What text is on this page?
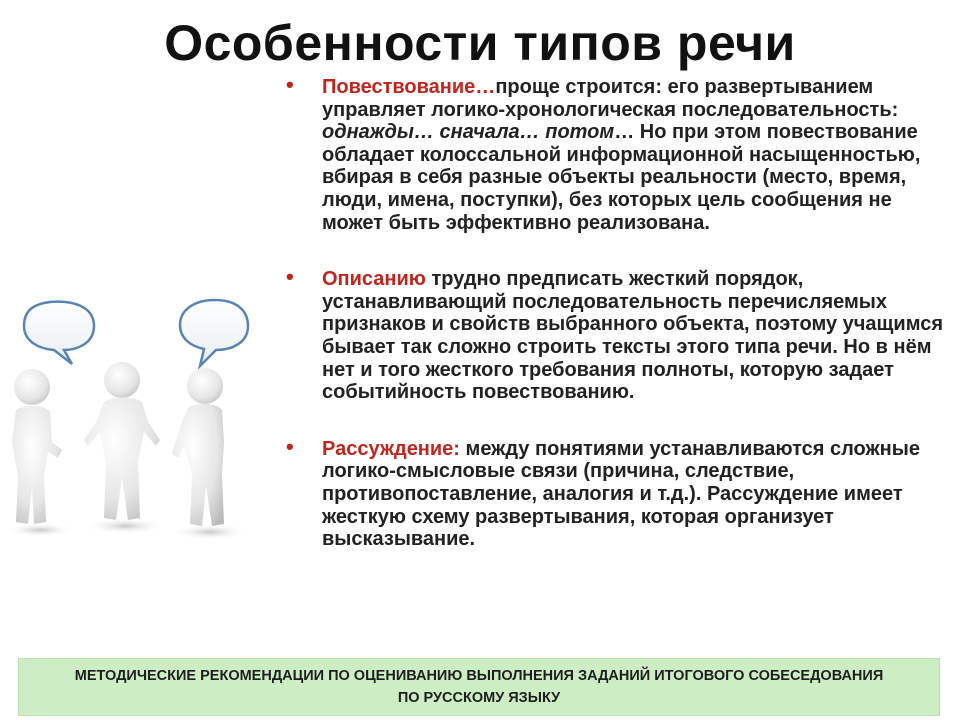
Особенности типов речи

• Повествование…проще строится: его развертыванием управляет логико-хронологическая последовательность: однажды… сначала… потом… Но при этом повествование обладает колоссальной информационной насыщенностью, вбирая в себя разные объекты реальности (место, время, люди, имена, поступки), без которых цель сообщения не может быть эффективно реализована.

• Описанию трудно предписать жесткий порядок, устанавливающий последовательность перечисляемых признаков и свойств выбранного объекта, поэтому учащимся бывает так сложно строить тексты этого типа речи. Но в нём нет и того жесткого требования полноты, которую задает событийность повествованию.

• Рассуждение: между понятиями устанавливаются сложные логико-смысловые связи (причина, следствие, противопоставление, аналогия и т.д.). Рассуждение имеет жесткую схему развертывания, которая организует высказывание.

МЕТОДИЧЕСКИЕ РЕКОМЕНДАЦИИ ПО ОЦЕНИВАНИЮ ВЫПОЛНЕНИЯ ЗАДАНИЙ ИТОГОВОГО СОБЕСЕДОВАНИЯ
ПО РУССКОМУ ЯЗЫКУ
